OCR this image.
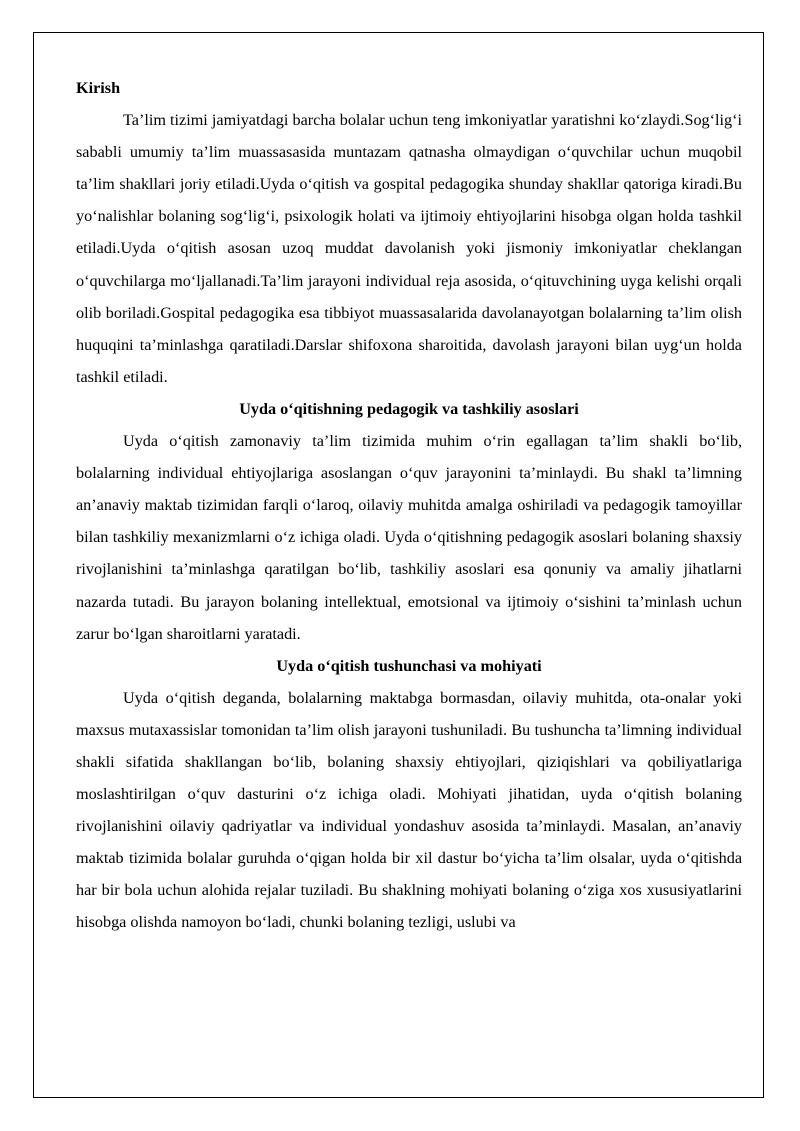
Kirish

Ta’lim tizimi jamiyatdagi barcha bolalar uchun teng imkoniyatlar yaratishni ko‘zlaydi.Sog‘lig‘i sababli umumiy ta’lim muassasasida muntazam qatnasha olmaydigan o‘quvchilar uchun muqobil ta’lim shakllari joriy etiladi.Uyda o‘qitish va gospital pedagogika shunday shakllar qatoriga kiradi.Bu yo‘nalishlar bolaning sog‘lig‘i, psixologik holati va ijtimoiy ehtiyojlarini hisobga olgan holda tashkil etiladi.Uyda o‘qitish asosan uzoq muddat davolanish yoki jismoniy imkoniyatlar cheklangan o‘quvchilarga mo‘ljallanadi.Ta’lim jarayoni individual reja asosida, o‘qituvchining uyga kelishi orqali olib boriladi.Gospital pedagogika esa tibbiyot muassasalarida davolanayotgan bolalarning ta’lim olish huquqini ta’minlashga qaratiladi.Darslar shifoxona sharoitida, davolash jarayoni bilan uyg‘un holda tashkil etiladi.

Uyda o‘qitishning pedagogik va tashkiliy asoslari

Uyda o‘qitish zamonaviy ta’lim tizimida muhim o‘rin egallagan ta’lim shakli bo‘lib, bolalarning individual ehtiyojlariga asoslangan o‘quv jarayonini ta’minlaydi. Bu shakl ta’limning an’anaviy maktab tizimidan farqli o‘laroq, oilaviy muhitda amalga oshiriladi va pedagogik tamoyillar bilan tashkiliy mexanizmlarni o‘z ichiga oladi. Uyda o‘qitishning pedagogik asoslari bolaning shaxsiy rivojlanishini ta’minlashga qaratilgan bo‘lib, tashkiliy asoslari esa qonuniy va amaliy jihatlarni nazarda tutadi. Bu jarayon bolaning intellektual, emotsional va ijtimoiy o‘sishini ta’minlash uchun zarur bo‘lgan sharoitlarni yaratadi.

Uyda o‘qitish tushunchasi va mohiyati

Uyda o‘qitish deganda, bolalarning maktabga bormasdan, oilaviy muhitda, ota-onalar yoki maxsus mutaxassislar tomonidan ta’lim olish jarayoni tushuniladi. Bu tushuncha ta’limning individual shakli sifatida shakllangan bo‘lib, bolaning shaxsiy ehtiyojlari, qiziqishlari va qobiliyatlariga moslashtirilgan o‘quv dasturini o‘z ichiga oladi. Mohiyati jihatidan, uyda o‘qitish bolaning rivojlanishini oilaviy qadriyatlar va individual yondashuv asosida ta’minlaydi. Masalan, an’anaviy maktab tizimida bolalar guruhda o‘qigan holda bir xil dastur bo‘yicha ta’lim olsalar, uyda o‘qitishda har bir bola uchun alohida rejalar tuziladi. Bu shaklning mohiyati bolaning o‘ziga xos xususiyatlarini hisobga olishda namoyon bo‘ladi, chunki bolaning tezligi, uslubi va
